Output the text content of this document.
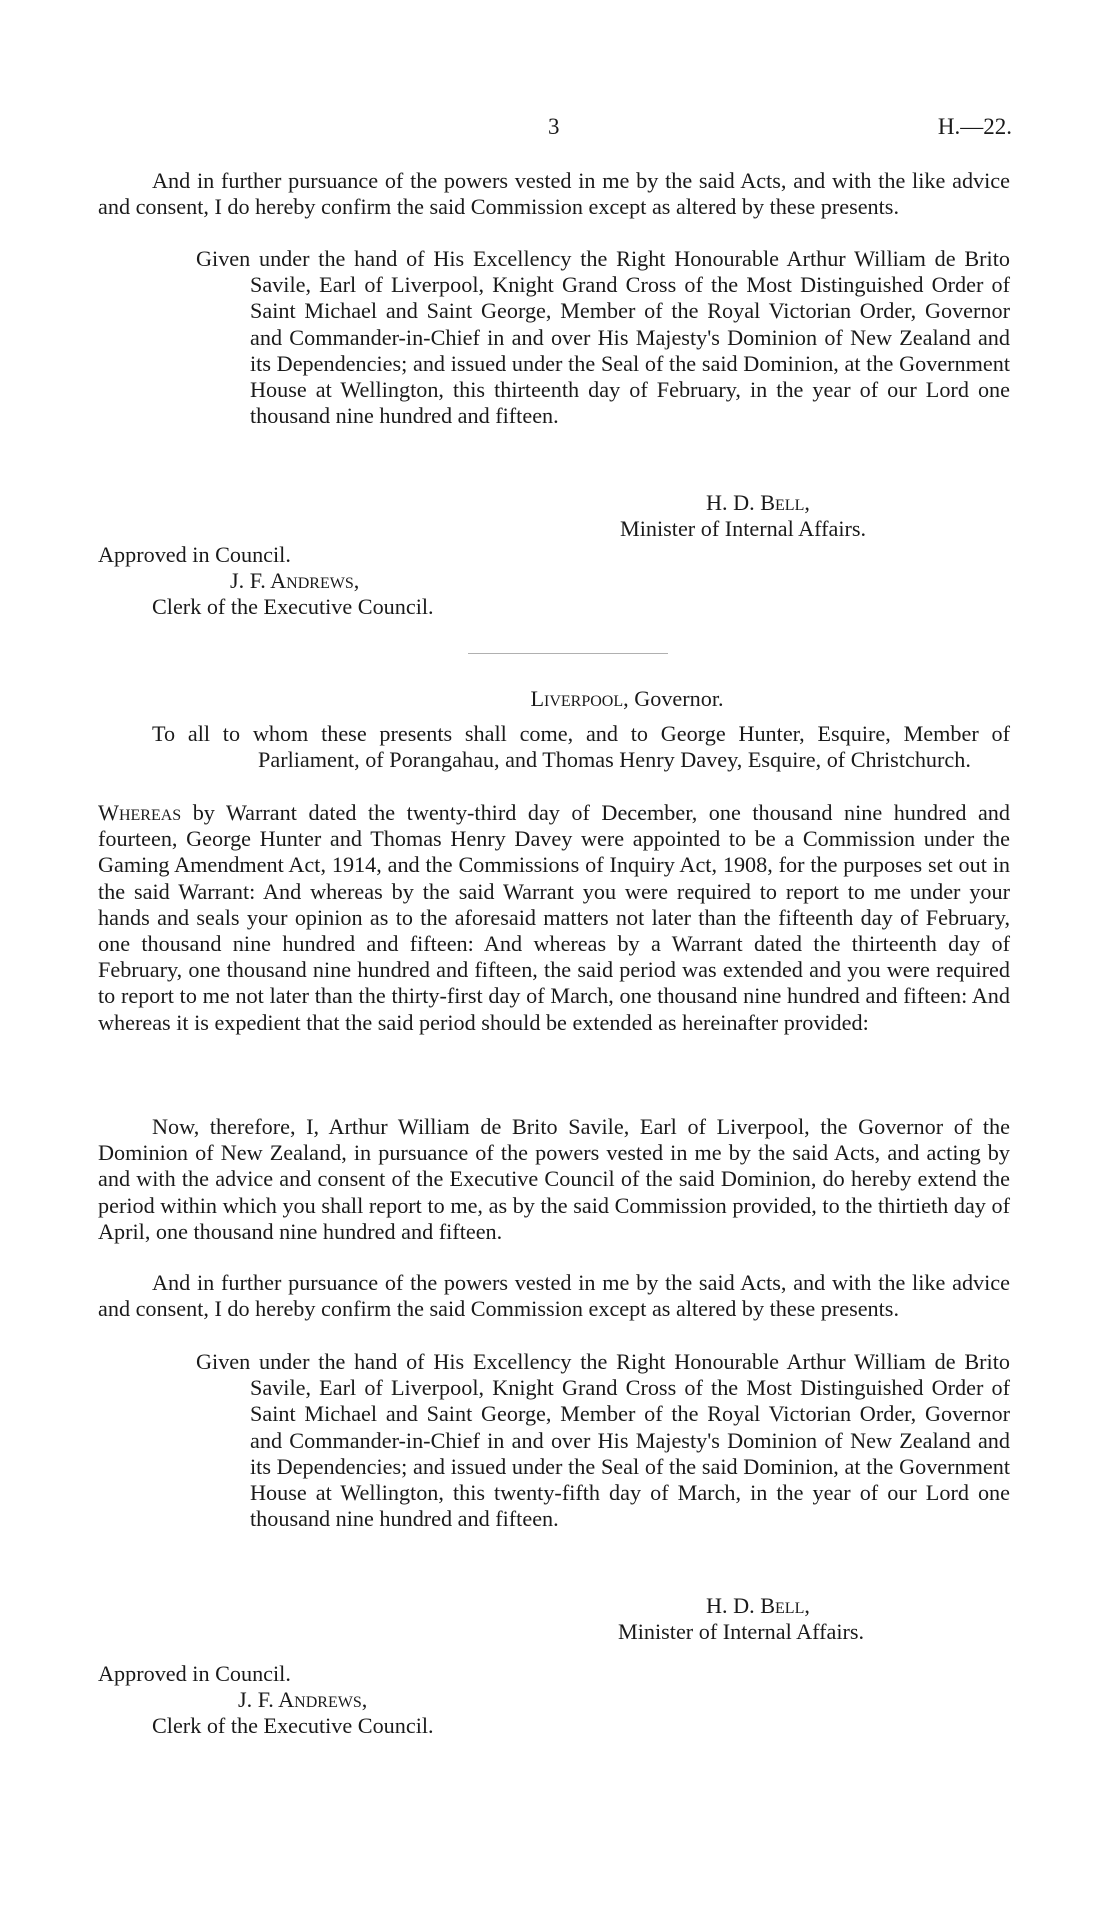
3	H.—22.

And in further pursuance of the powers vested in me by the said Acts, and with the like advice and consent, I do hereby confirm the said Commission except as altered by these presents.

Given under the hand of His Excellency the Right Honourable Arthur William de Brito Savile, Earl of Liverpool, Knight Grand Cross of the Most Distinguished Order of Saint Michael and Saint George, Member of the Royal Victorian Order, Governor and Commander-in-Chief in and over His Majesty's Dominion of New Zealand and its Dependencies; and issued under the Seal of the said Dominion, at the Government House at Wellington, this thirteenth day of February, in the year of our Lord one thousand nine hundred and fifteen.

H. D. Bell,
Minister of Internal Affairs.
Approved in Council.
J. F. Andrews,
Clerk of the Executive Council.
Liverpool, Governor.

To all to whom these presents shall come, and to George Hunter, Esquire, Member of Parliament, of Porangahau, and Thomas Henry Davey, Esquire, of Christchurch.

Whereas by Warrant dated the twenty-third day of December, one thousand nine hundred and fourteen, George Hunter and Thomas Henry Davey were appointed to be a Commission under the Gaming Amendment Act, 1914, and the Commissions of Inquiry Act, 1908, for the purposes set out in the said Warrant: And whereas by the said Warrant you were required to report to me under your hands and seals your opinion as to the aforesaid matters not later than the fifteenth day of February, one thousand nine hundred and fifteen: And whereas by a Warrant dated the thirteenth day of February, one thousand nine hundred and fifteen, the said period was extended and you were required to report to me not later than the thirty-first day of March, one thousand nine hundred and fifteen: And whereas it is expedient that the said period should be extended as hereinafter provided:

Now, therefore, I, Arthur William de Brito Savile, Earl of Liverpool, the Governor of the Dominion of New Zealand, in pursuance of the powers vested in me by the said Acts, and acting by and with the advice and consent of the Executive Council of the said Dominion, do hereby extend the period within which you shall report to me, as by the said Commission provided, to the thirtieth day of April, one thousand nine hundred and fifteen.

And in further pursuance of the powers vested in me by the said Acts, and with the like advice and consent, I do hereby confirm the said Commission except as altered by these presents.

Given under the hand of His Excellency the Right Honourable Arthur William de Brito Savile, Earl of Liverpool, Knight Grand Cross of the Most Distinguished Order of Saint Michael and Saint George, Member of the Royal Victorian Order, Governor and Commander-in-Chief in and over His Majesty's Dominion of New Zealand and its Dependencies; and issued under the Seal of the said Dominion, at the Government House at Wellington, this twenty-fifth day of March, in the year of our Lord one thousand nine hundred and fifteen.

H. D. Bell,
Minister of Internal Affairs.
Approved in Council.
J. F. Andrews,
Clerk of the Executive Council.
